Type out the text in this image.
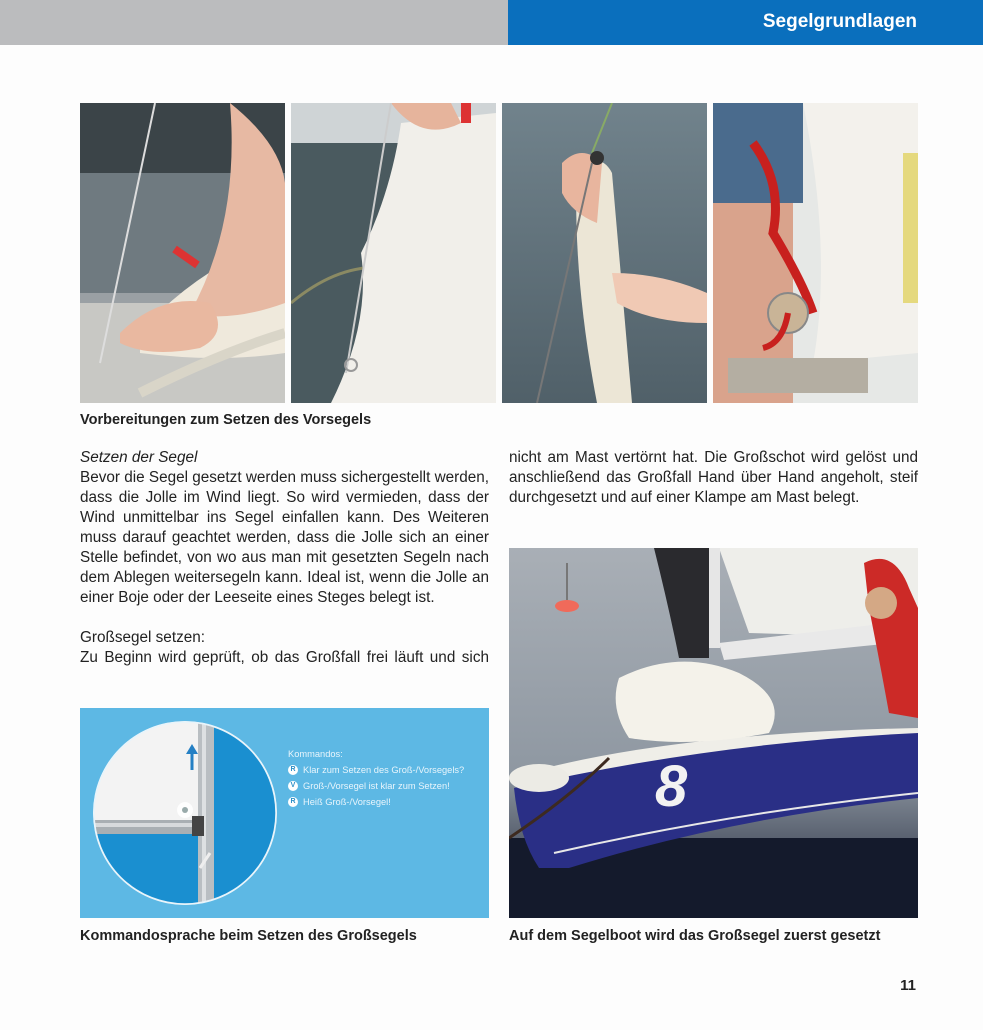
Segelgrundlagen
Vorbereitungen zum Setzen des Vorsegels

Setzen der Segel

Bevor die Segel gesetzt werden muss sichergestellt werden, dass die Jolle im Wind liegt. So wird vermieden, dass der Wind unmittelbar ins Segel einfallen kann. Des Weiteren muss darauf geachtet werden, dass die Jolle sich an einer Stelle befindet, von wo aus man mit gesetzten Segeln nach dem Ablegen weitersegeln kann. Ideal ist, wenn die Jolle an einer Boje oder der Leeseite eines Steges belegt ist.

Großsegel setzen:

Zu Beginn wird geprüft, ob das Großfall frei läuft und sich

nicht am Mast vertörnt hat. Die Großschot wird gelöst und anschließend das Großfall Hand über Hand angeholt, steif durchgesetzt und auf einer Klampe am Mast belegt.

Kommandos:
R Klar zum Setzen des Groß-/Vorsegels?
V Groß-/Vorsegel ist klar zum Setzen!
R Heiß Groß-/Vorsegel!
Kommandosprache beim Setzen des Großsegels
8
Auf dem Segelboot wird das Großsegel zuerst gesetzt
11
